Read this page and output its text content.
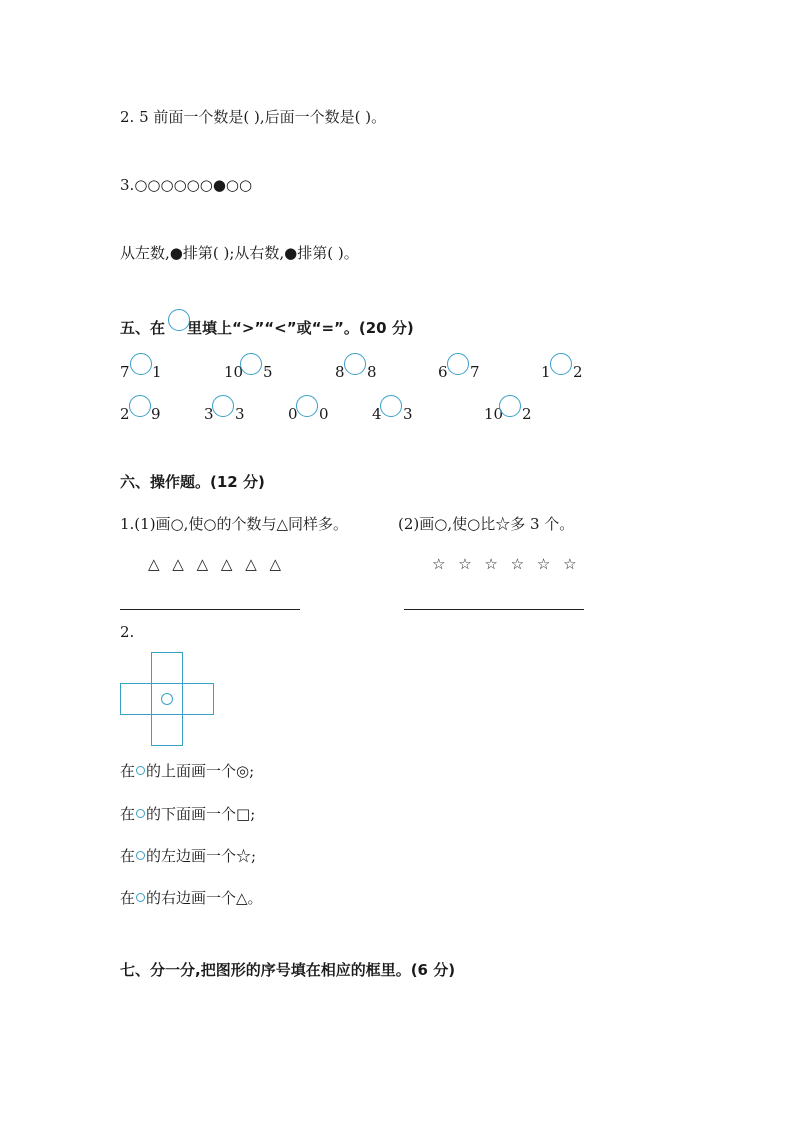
2. 5 前面一个数是( ),后面一个数是( )。
3.○○○○○○●○○
从左数,●排第( );从右数,●排第( )。
五、在 里填上“>”“<”或“=”。(20 分)
7 1	10 5	8 8	6 7	1 2
2 9	3 3	0 0	4 3	10 2
六、操作题。(12 分)
1.(1)画○,使○的个数与△同样多。	(2)画○,使○比☆多 3 个。
△ △ △ △ △ △	☆ ☆ ☆ ☆ ☆ ☆
2.
在 的上面画一个◎;
在 的下面画一个□;
在 的左边画一个☆;
在 的右边画一个△。
七、分一分,把图形的序号填在相应的框里。(6 分)
